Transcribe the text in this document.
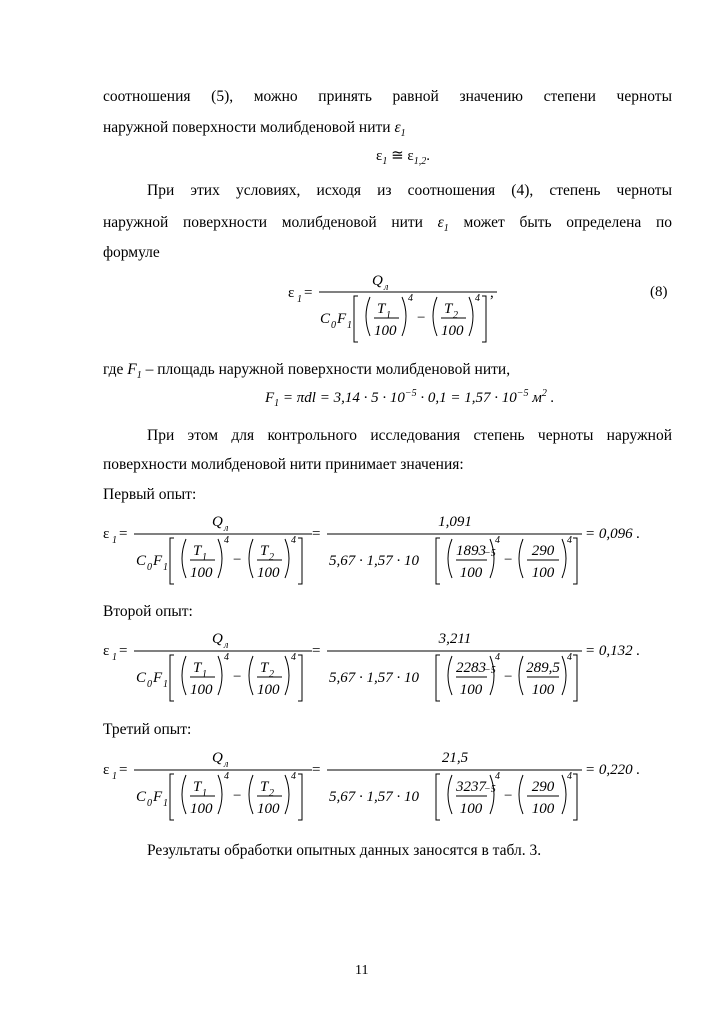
соотношения (5), можно принять равной значению степени черноты
наружной поверхности молибденовой нити $\varepsilon_1$
$\varepsilon_1$ ≅ $\varepsilon_{1,2}$.
При этих условиях, исходя из соотношения (4), степень черноты
наружной поверхности молибденовой нити $\varepsilon_1$ может быть определена по
формуле
ε 1 =
Q л
C 0 F 1
T 1
100
4
−
T 2
100
4 ,	(8)
где $F_1$ – площадь наружной поверхности молибденовой нити,
$F_1 = \pi dl = 3,14 \cdot 5 \cdot 10^{-5} \cdot 0,1 = 1,57 \cdot 10^{-5}$ $м^2$ .
При этом для контрольного исследования степень черноты наружной
поверхности молибденовой нити принимает значения:
Первый опыт:
Второй опыт:
Третий опыт:
ε 1 =
Q л
C 0 F 1
T 1
100
4
−
T 2
100
4 =
1,091
5,67 · 1,57 · 10	−5
1893
100
4
−
290
100
4 = 0,096 .
ε 1 =
Q л
C 0 F 1
T 1
100
4
−
T 2
100
4 =
3,211
5,67 · 1,57 · 10	−5
2283
100
4
−
289,5
100
4 = 0,132 .
ε 1 =
Q л
C 0 F 1
T 1
100
4
−
T 2
100
4 =
21,5
5,67 · 1,57 · 10	−5
3237
100
4
−
290
100
4 = 0,220 .
Результаты обработки опытных данных заносятся в табл. 3.
11
